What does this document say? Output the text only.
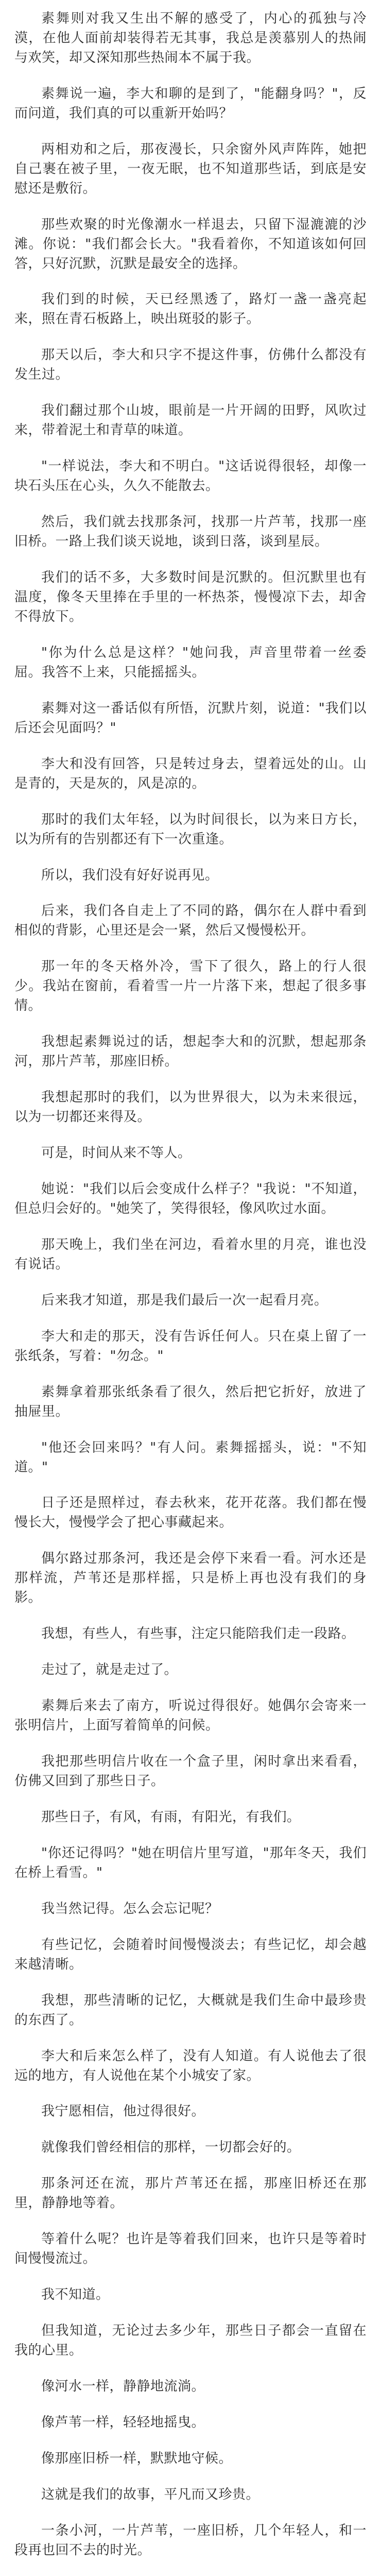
素舞则对我又生出不解的感受了，内心的孤独与冷漠，在他人面前却装得若无其事，我总是羡慕别人的热闹与欢笑，却又深知那些热闹本不属于我。

素舞说一遍，李大和聊的是到了，"能翻身吗？"，反而问道，我们真的可以重新开始吗？

两相劝和之后，那夜漫长，只余窗外风声阵阵，她把自己裹在被子里，一夜无眠，也不知道那些话，到底是安慰还是敷衍。

那些欢聚的时光像潮水一样退去，只留下湿漉漉的沙滩。你说："我们都会长大。"我看着你，不知道该如何回答，只好沉默，沉默是最安全的选择。

我们到的时候，天已经黑透了，路灯一盏一盏亮起来，照在青石板路上，映出斑驳的影子。

那天以后，李大和只字不提这件事，仿佛什么都没有发生过。

我们翻过那个山坡，眼前是一片开阔的田野，风吹过来，带着泥土和青草的味道。

"一样说法，李大和不明白。"这话说得很轻，却像一块石头压在心头，久久不能散去。

然后，我们就去找那条河，找那一片芦苇，找那一座旧桥。一路上我们谈天说地，谈到日落，谈到星辰。

我们的话不多，大多数时间是沉默的。但沉默里也有温度，像冬天里捧在手里的一杯热茶，慢慢凉下去，却舍不得放下。

"你为什么总是这样？"她问我，声音里带着一丝委屈。我答不上来，只能摇摇头。

素舞对这一番话似有所悟，沉默片刻，说道："我们以后还会见面吗？"

李大和没有回答，只是转过身去，望着远处的山。山是青的，天是灰的，风是凉的。

那时的我们太年轻，以为时间很长，以为来日方长，以为所有的告别都还有下一次重逢。

所以，我们没有好好说再见。

后来，我们各自走上了不同的路，偶尔在人群中看到相似的背影，心里还是会一紧，然后又慢慢松开。

那一年的冬天格外冷，雪下了很久，路上的行人很少。我站在窗前，看着雪一片一片落下来，想起了很多事情。

我想起素舞说过的话，想起李大和的沉默，想起那条河，那片芦苇，那座旧桥。

我想起那时的我们，以为世界很大，以为未来很远，以为一切都还来得及。

可是，时间从来不等人。

她说："我们以后会变成什么样子？"我说："不知道，但总归会好的。"她笑了，笑得很轻，像风吹过水面。

那天晚上，我们坐在河边，看着水里的月亮，谁也没有说话。

后来我才知道，那是我们最后一次一起看月亮。

李大和走的那天，没有告诉任何人。只在桌上留了一张纸条，写着："勿念。"

素舞拿着那张纸条看了很久，然后把它折好，放进了抽屉里。

"他还会回来吗？"有人问。素舞摇摇头，说："不知道。"

日子还是照样过，春去秋来，花开花落。我们都在慢慢长大，慢慢学会了把心事藏起来。

偶尔路过那条河，我还是会停下来看一看。河水还是那样流，芦苇还是那样摇，只是桥上再也没有我们的身影。

我想，有些人，有些事，注定只能陪我们走一段路。

走过了，就是走过了。

素舞后来去了南方，听说过得很好。她偶尔会寄来一张明信片，上面写着简单的问候。

我把那些明信片收在一个盒子里，闲时拿出来看看，仿佛又回到了那些日子。

那些日子，有风，有雨，有阳光，有我们。

"你还记得吗？"她在明信片里写道，"那年冬天，我们在桥上看雪。"

我当然记得。怎么会忘记呢？

有些记忆，会随着时间慢慢淡去；有些记忆，却会越来越清晰。

我想，那些清晰的记忆，大概就是我们生命中最珍贵的东西了。

李大和后来怎么样了，没有人知道。有人说他去了很远的地方，有人说他在某个小城安了家。

我宁愿相信，他过得很好。

就像我们曾经相信的那样，一切都会好的。

那条河还在流，那片芦苇还在摇，那座旧桥还在那里，静静地等着。

等着什么呢？也许是等着我们回来，也许只是等着时间慢慢流过。

我不知道。

但我知道，无论过去多少年，那些日子都会一直留在我的心里。

像河水一样，静静地流淌。

像芦苇一样，轻轻地摇曳。

像那座旧桥一样，默默地守候。

这就是我们的故事，平凡而又珍贵。

一条小河，一片芦苇，一座旧桥，几个年轻人，和一段再也回不去的时光。
